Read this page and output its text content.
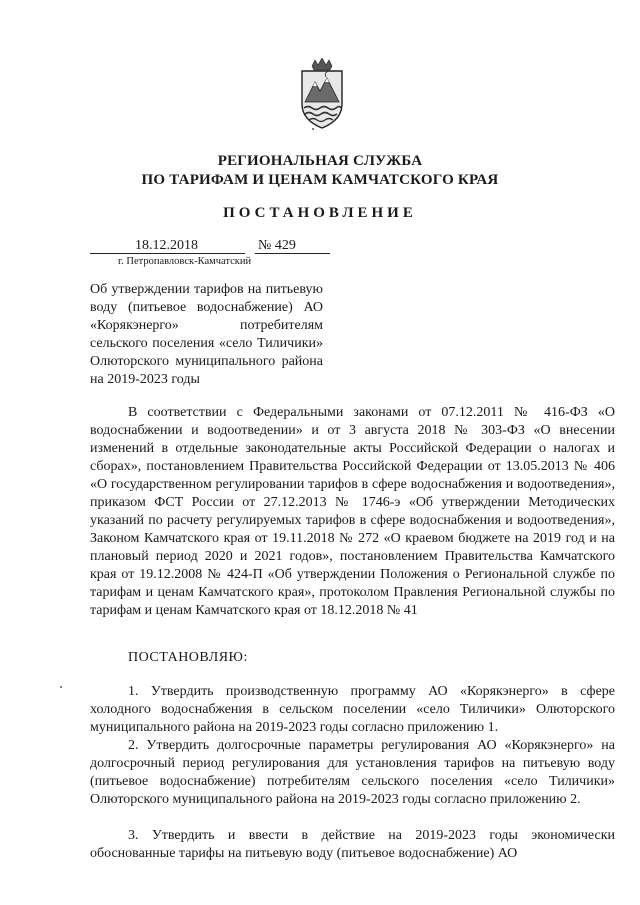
РЕГИОНАЛЬНАЯ СЛУЖБА
ПО ТАРИФАМ И ЦЕНАМ КАМЧАТСКОГО КРАЯ
ПОСТАНОВЛЕНИЕ
18.12.2018	№ 429
г. Петропавловск-Камчатский
Об утверждении тарифов на питьевую воду (питьевое водоснабжение) АО «Корякэнерго» потребителям сельского поселения «село Тиличики» Олюторского муниципального района на 2019-2023 годы

В соответствии с Федеральными законами от 07.12.2011 № 416-ФЗ «О водоснабжении и водоотведении» и от 3 августа 2018 № 303-ФЗ «О внесении изменений в отдельные законодательные акты Российской Федерации о налогах и сборах», постановлением Правительства Российской Федерации от 13.05.2013 № 406 «О государственном регулировании тарифов в сфере водоснабжения и водоотведения», приказом ФСТ России от 27.12.2013 № 1746-э «Об утверждении Методических указаний по расчету регулируемых тарифов в сфере водоснабжения и водоотведения», Законом Камчатского края от 19.11.2018 № 272 «О краевом бюджете на 2019 год и на плановый период 2020 и 2021 годов», постановлением Правительства Камчатского края от 19.12.2008 № 424-П «Об утверждении Положения о Региональной службе по тарифам и ценам Камчатского края», протоколом Правления Региональной службы по тарифам и ценам Камчатского края от 18.12.2018 № 41

ПОСТАНОВЛЯЮ:

1. Утвердить производственную программу АО «Корякэнерго» в сфере холодного водоснабжения в сельском поселении «село Тиличики» Олюторского муниципального района на 2019-2023 годы согласно приложению 1.

2. Утвердить долгосрочные параметры регулирования АО «Корякэнерго» на долгосрочный период регулирования для установления тарифов на питьевую воду (питьевое водоснабжение) потребителям сельского поселения «село Тиличики» Олюторского муниципального района на 2019-2023 годы согласно приложению 2.

3. Утвердить и ввести в действие на 2019-2023 годы экономически обоснованные тарифы на питьевую воду (питьевое водоснабжение) АО
